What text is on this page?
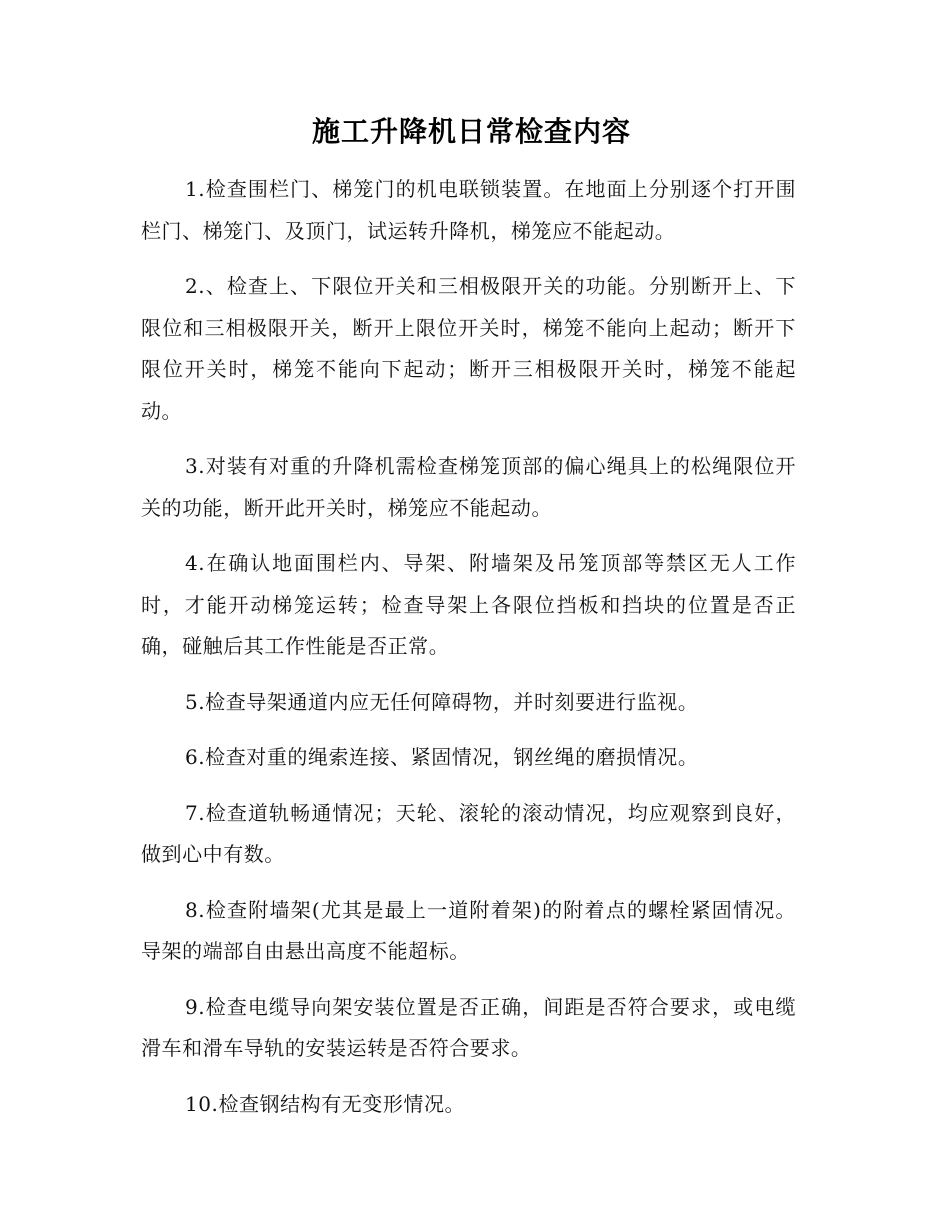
施工升降机日常检查内容

1.检查围栏门、梯笼门的机电联锁装置。在地面上分别逐个打开围栏门、梯笼门、及顶门，试运转升降机，梯笼应不能起动。

2.、检查上、下限位开关和三相极限开关的功能。分别断开上、下限位和三相极限开关，断开上限位开关时，梯笼不能向上起动；断开下限位开关时，梯笼不能向下起动；断开三相极限开关时，梯笼不能起动。

3.对装有对重的升降机需检查梯笼顶部的偏心绳具上的松绳限位开关的功能，断开此开关时，梯笼应不能起动。

4.在确认地面围栏内、导架、附墙架及吊笼顶部等禁区无人工作时，才能开动梯笼运转；检查导架上各限位挡板和挡块的位置是否正确，碰触后其工作性能是否正常。

5.检查导架通道内应无任何障碍物，并时刻要进行监视。

6.检查对重的绳索连接、紧固情况，钢丝绳的磨损情况。

7.检查道轨畅通情况；天轮、滚轮的滚动情况，均应观察到良好，做到心中有数。

8.检查附墙架(尤其是最上一道附着架)的附着点的螺栓紧固情况。导架的端部自由悬出高度不能超标。

9.检查电缆导向架安装位置是否正确，间距是否符合要求，或电缆滑车和滑车导轨的安装运转是否符合要求。

10.检查钢结构有无变形情况。
